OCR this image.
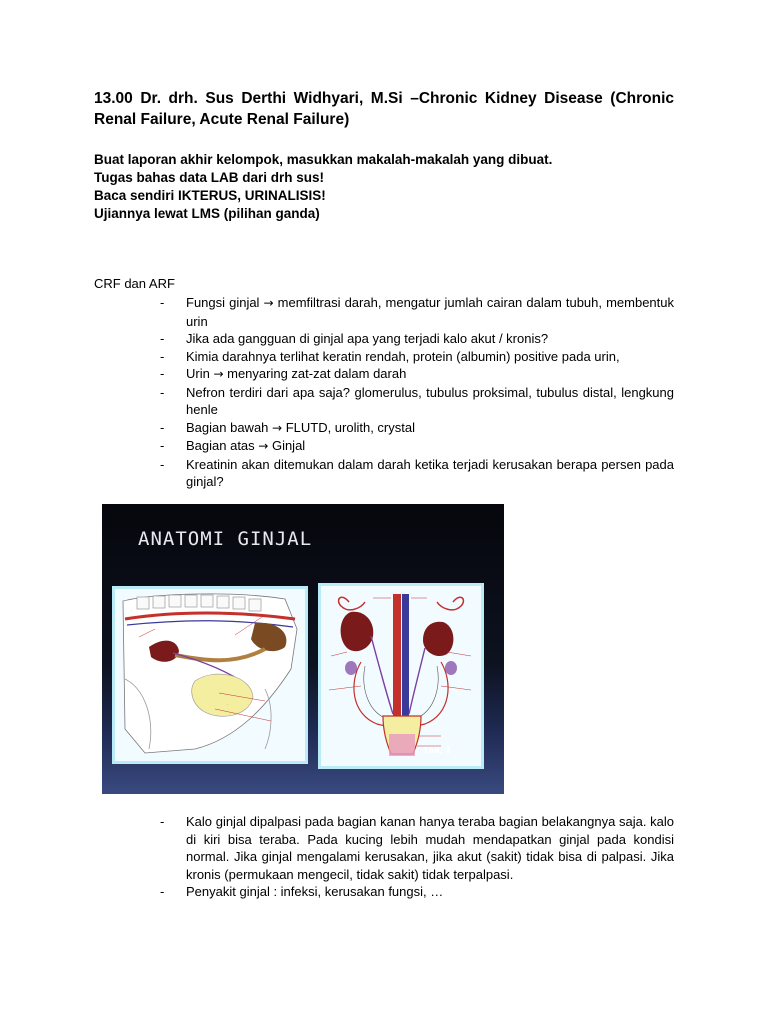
13.00 Dr. drh. Sus Derthi Widhyari, M.Si –Chronic Kidney Disease (Chronic Renal Failure, Acute Renal Failure)
Buat laporan akhir kelompok, masukkan makalah-makalah yang dibuat.
Tugas bahas data LAB dari drh sus!
Baca sendiri IKTERUS, URINALISIS!
Ujiannya lewat LMS (pilihan ganda)
CRF dan ARF
- Fungsi ginjal → memfiltrasi darah, mengatur jumlah cairan dalam tubuh, membentuk urin
- Jika ada gangguan di ginjal apa yang terjadi kalo akut / kronis?
- Kimia darahnya terlihat keratin rendah, protein (albumin) positive pada urin,
- Urin → menyaring zat-zat dalam darah
- Nefron terdiri dari apa saja? glomerulus, tubulus proksimal, tubulus distal, lengkung henle
- Bagian bawah → FLUTD, urolith, crystal
- Bagian atas → Ginjal
- Kreatinin akan ditemukan dalam darah ketika terjadi kerusakan berapa persen pada ginjal?
ANATOMI GINJAL
.
.
TAIL ⬇
- Kalo ginjal dipalpasi pada bagian kanan hanya teraba bagian belakangnya saja. kalo di kiri bisa teraba. Pada kucing lebih mudah mendapatkan ginjal pada kondisi normal. Jika ginjal mengalami kerusakan, jika akut (sakit) tidak bisa di palpasi. Jika kronis (permukaan mengecil, tidak sakit) tidak terpalpasi.
- Penyakit ginjal : infeksi, kerusakan fungsi, …
